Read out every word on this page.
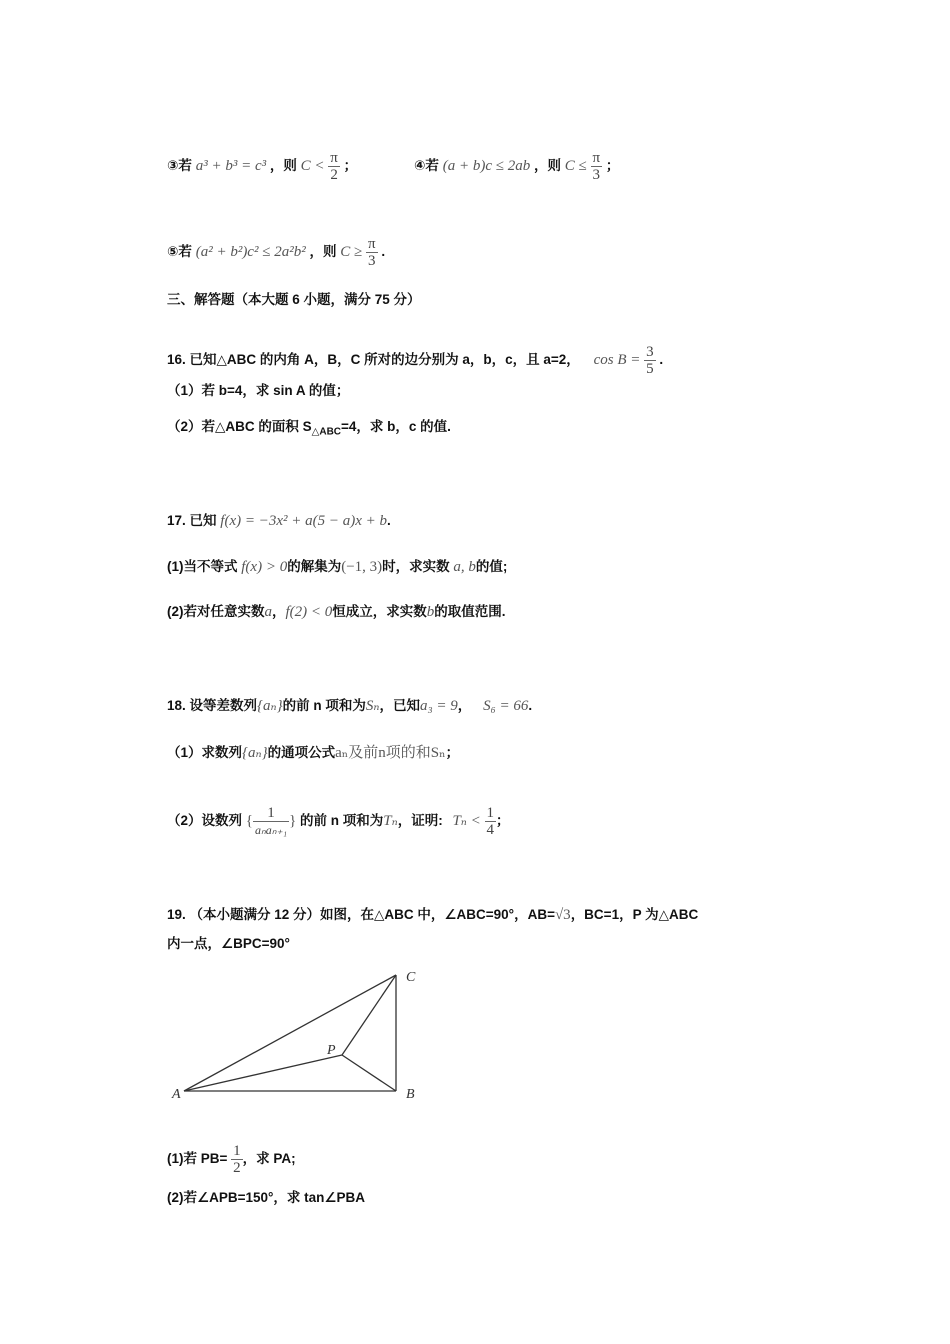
③若 a³ + b³ = c³ ，则 $C < \frac{\pi}{2}$ ；	④若 (a + b)c ≤ 2ab ，则 $C \le \frac{\pi}{3}$ ；
⑤若 (a² + b²)c² ≤ 2a²b² ，则 $C \ge \frac{\pi}{3}$ .
三、解答题（本大题 6 小题，满分 75 分）
16. 已知△ABC 的内角 A，B，C 所对的边分别为 a，b，c，且 a=2， $\cos B = \frac{3}{5}$ .
（1）若 b=4，求 sin A 的值；
（2）若△ABC 的面积 $S_{\triangle ABC}=4$，求 b，c 的值.
17. 已知 f(x) = −3x² + a(5 − a)x + b.
(1)当不等式 f(x) > 0的解集为(−1, 3)时，求实数 a, b的值;
(2)若对任意实数a，f(2) < 0恒成立，求实数b的取值范围.
18. 设等差数列{aₙ}的前 n 项和为Sₙ，已知a₃ = 9， S₆ = 66.
（1）求数列{aₙ}的通项公式aₙ及前n项的和Sₙ；
（2）设数列 { $\frac{1}{\text{aₙaₙ₊₁}}$ } 的前 n 项和为Tₙ，证明: $T_n < \frac{1}{4}$ ；
19. （本小题满分 12 分）如图，在△ABC 中，∠ABC=90°，AB=√3，BC=1，P 为△ABC
内一点，∠BPC=90°
A	B
C
P
(1)若 $PB= \frac{1}{2}$ ，求 PA;
(2)若∠APB=150°，求 tan∠PBA
